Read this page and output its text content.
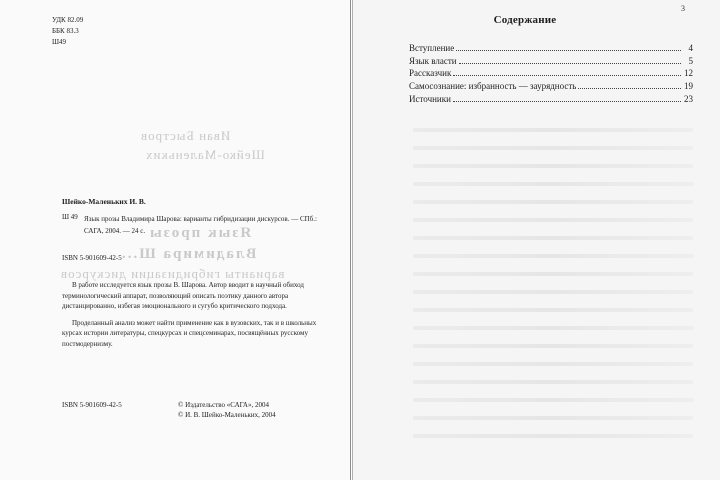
Иван Быстров
Шейко-Маленьких
Язык прозы
Владимира Ш...
варианты гибридизации дискурсов
УДК 82.09
ББК 83.3
Ш49
Шейко-Маленьких И. В.
Ш 49 Язык прозы Владимира Шарова: варианты гибридизации дискурсов. — СПб.: САГА, 2004. — 24 с.
ISBN 5-901609-42-5

В работе исследуется язык прозы В. Шарова. Автор вводит в научный обиход терминологический аппарат, позволяющий описать поэтику данного автора дистанцированно, избегая эмоционального и сугубо критического подхода.

Проделанный анализ может найти применение как в вузовских, так и в школьных курсах истории литературы, спецкурсах и спецсеминарах, посвящённых русскому постмодернизму.

ISBN 5-901609-42-5	© Издательство «САГА», 2004
© И. В. Шейко-Маленьких, 2004
3
Содержание
Вступление	4
Язык власти	5
Рассказчик	12
Самосознание: избранность — заурядность	19
Источники	23
